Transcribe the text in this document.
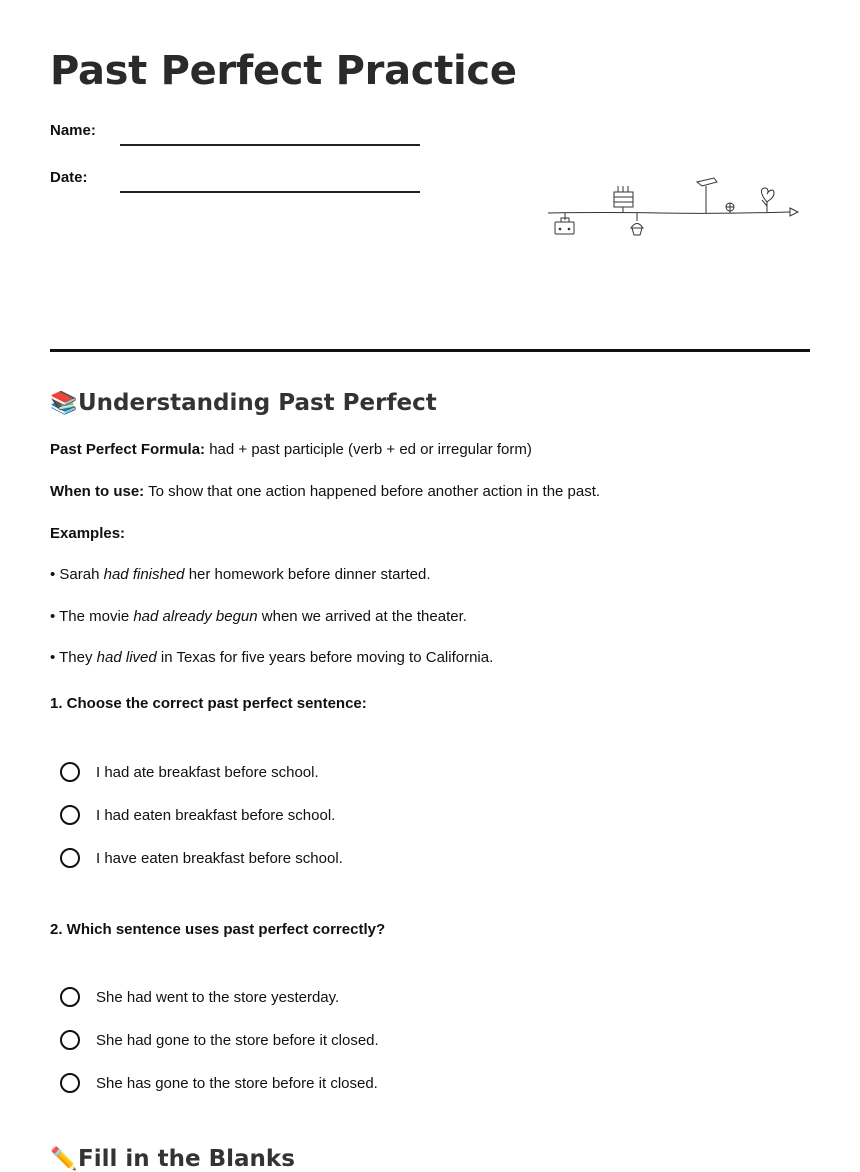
Past Perfect Practice
Name:
Date:
📚Understanding Past Perfect
Past Perfect Formula: had + past participle (verb + ed or irregular form)
When to use: To show that one action happened before another action in the past.
Examples:
• Sarah had finished her homework before dinner started.
• The movie had already begun when we arrived at the theater.
• They had lived in Texas for five years before moving to California.
1. Choose the correct past perfect sentence:
I had ate breakfast before school.
I had eaten breakfast before school.
I have eaten breakfast before school.
2. Which sentence uses past perfect correctly?
She had went to the store yesterday.
She had gone to the store before it closed.
She has gone to the store before it closed.
✏️Fill in the Blanks
